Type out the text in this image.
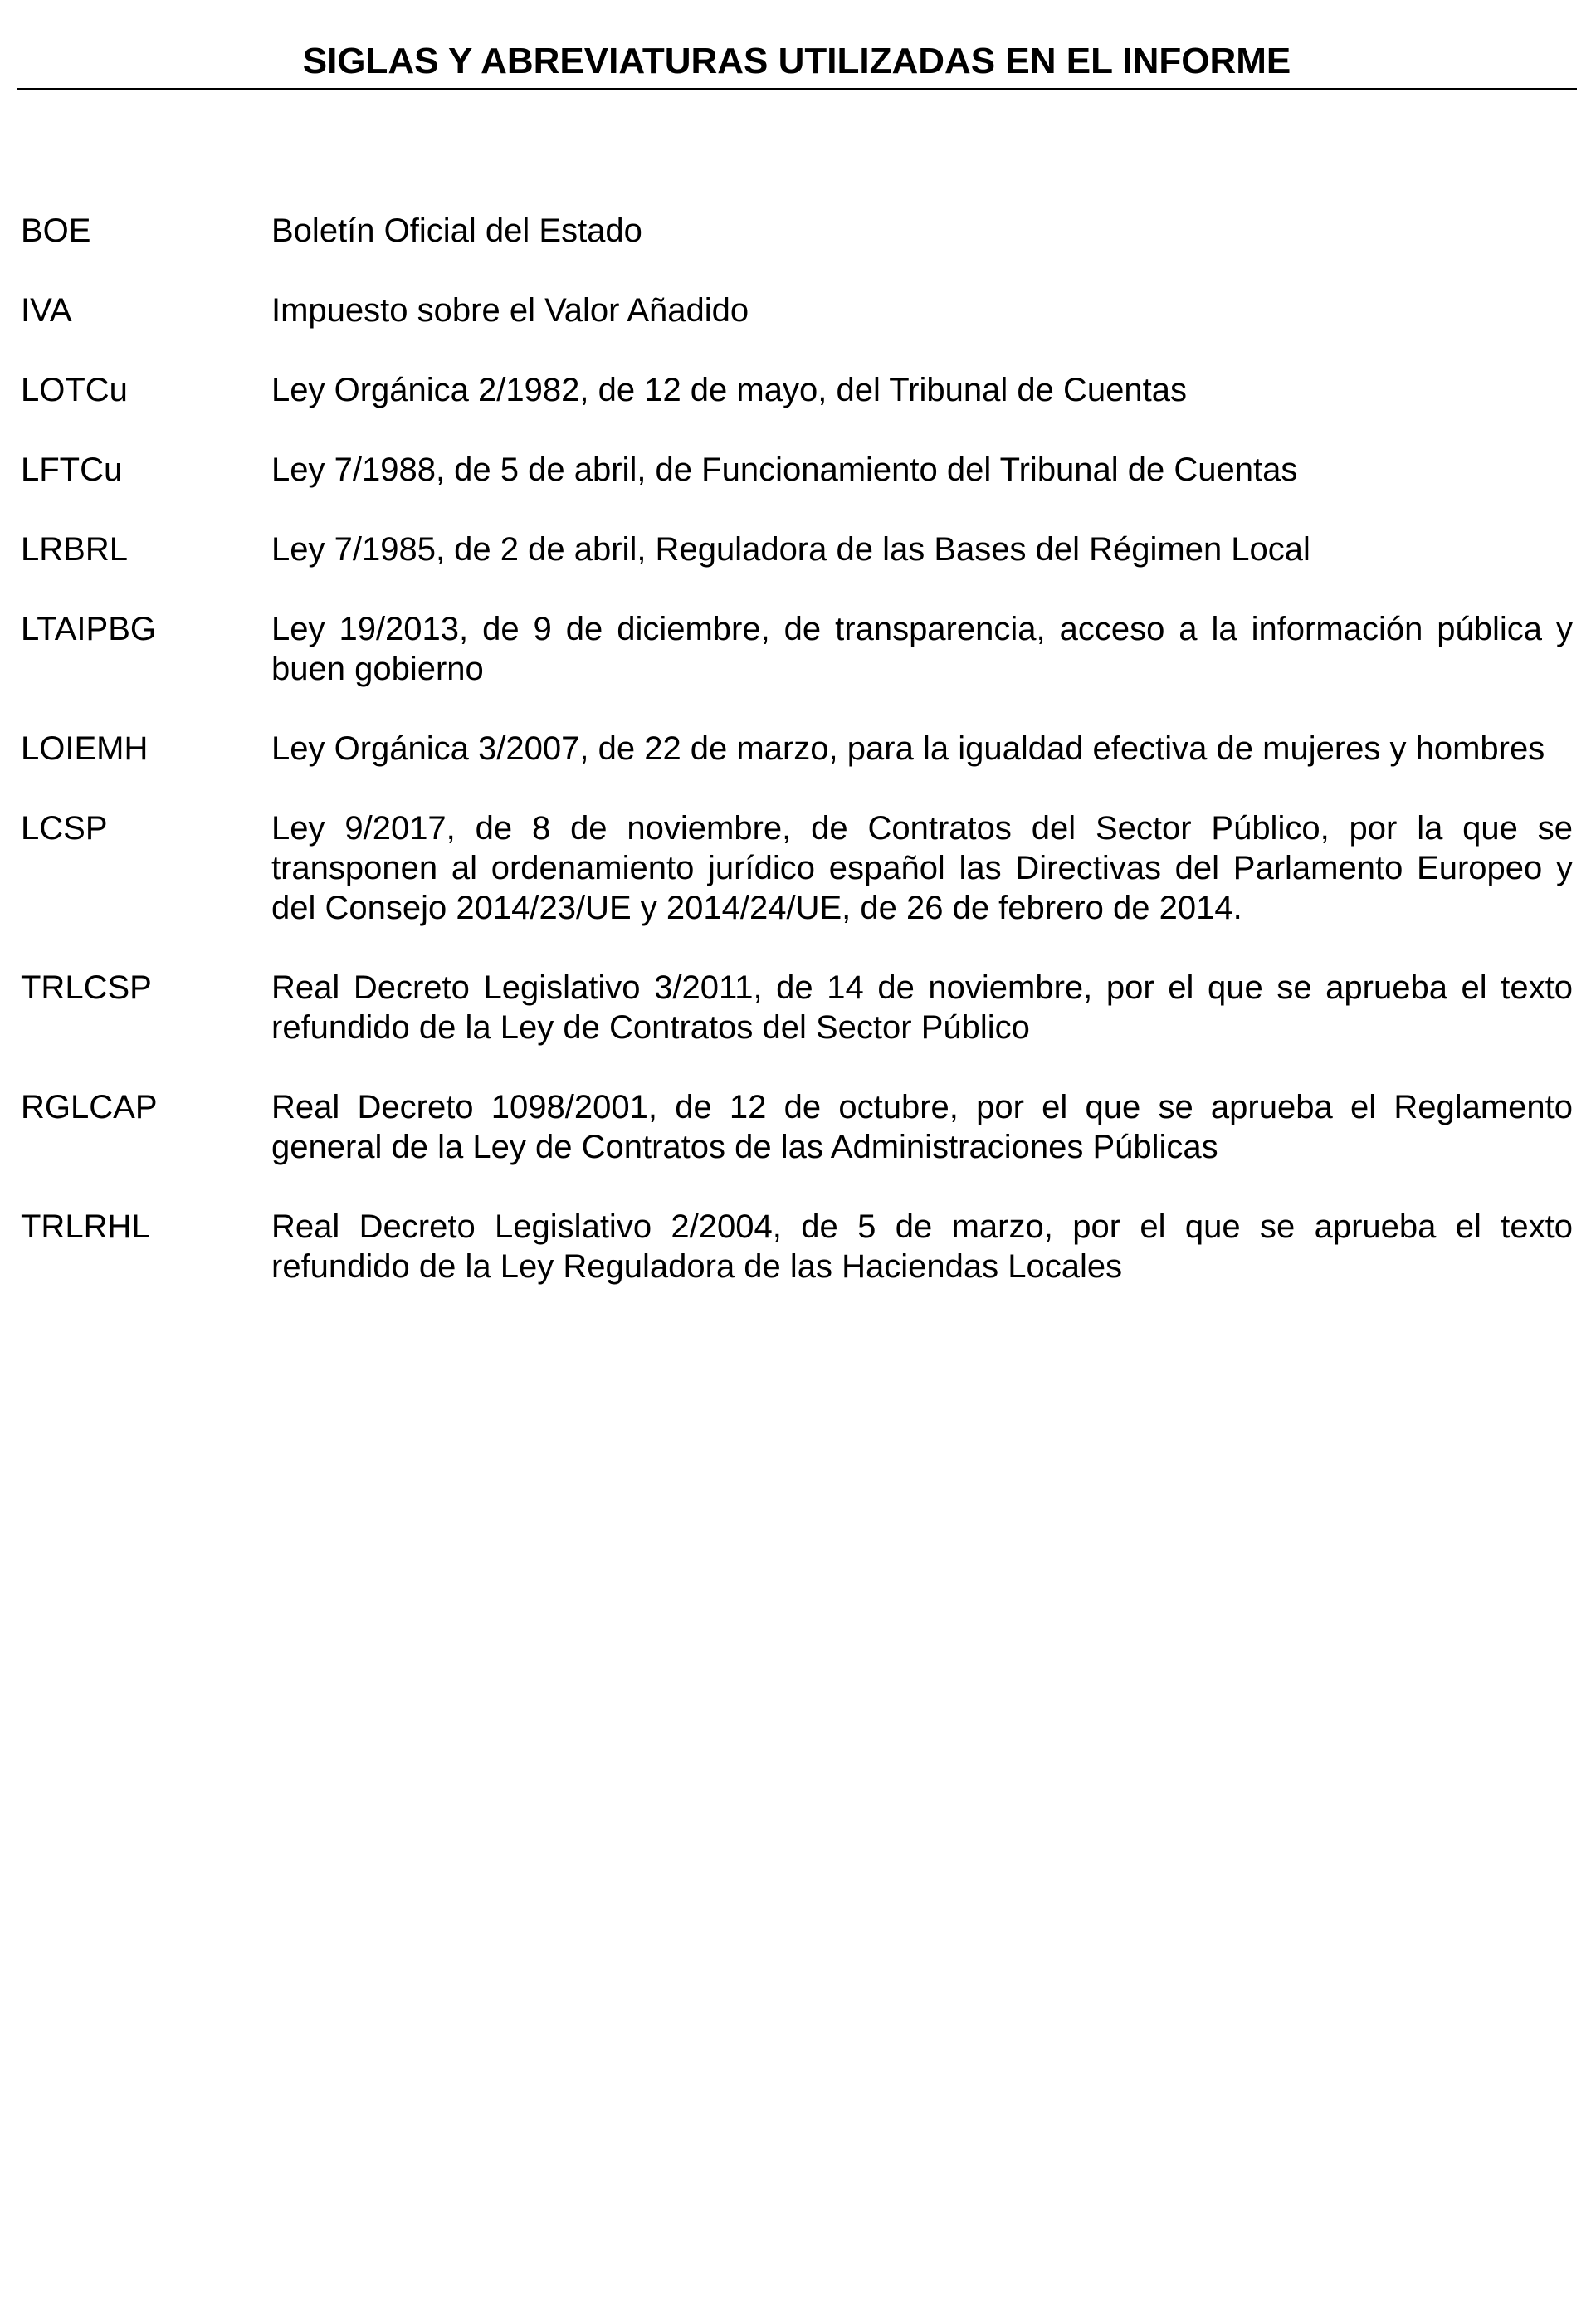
SIGLAS Y ABREVIATURAS UTILIZADAS EN EL INFORME
BOE	Boletín Oficial del Estado
IVA	Impuesto sobre el Valor Añadido
LOTCu	Ley Orgánica 2/1982, de 12 de mayo, del Tribunal de Cuentas
LFTCu	Ley 7/1988, de 5 de abril, de Funcionamiento del Tribunal de Cuentas
LRBRL	Ley 7/1985, de 2 de abril, Reguladora de las Bases del Régimen Local
LTAIPBG	Ley 19/2013, de 9 de diciembre, de transparencia, acceso a la información pública y buen gobierno
LOIEMH	Ley Orgánica 3/2007, de 22 de marzo, para la igualdad efectiva de mujeres y hombres
LCSP	Ley 9/2017, de 8 de noviembre, de Contratos del Sector Público, por la que se transponen al ordenamiento jurídico español las Directivas del Parlamento Europeo y del Consejo 2014/23/UE y 2014/24/UE, de 26 de febrero de 2014.
TRLCSP	Real Decreto Legislativo 3/2011, de 14 de noviembre, por el que se aprueba el texto refundido de la Ley de Contratos del Sector Público
RGLCAP	Real Decreto 1098/2001, de 12 de octubre, por el que se aprueba el Reglamento general de la Ley de Contratos de las Administraciones Públicas
TRLRHL	Real Decreto Legislativo 2/2004, de 5 de marzo, por el que se aprueba el texto refundido de la Ley Reguladora de las Haciendas Locales
